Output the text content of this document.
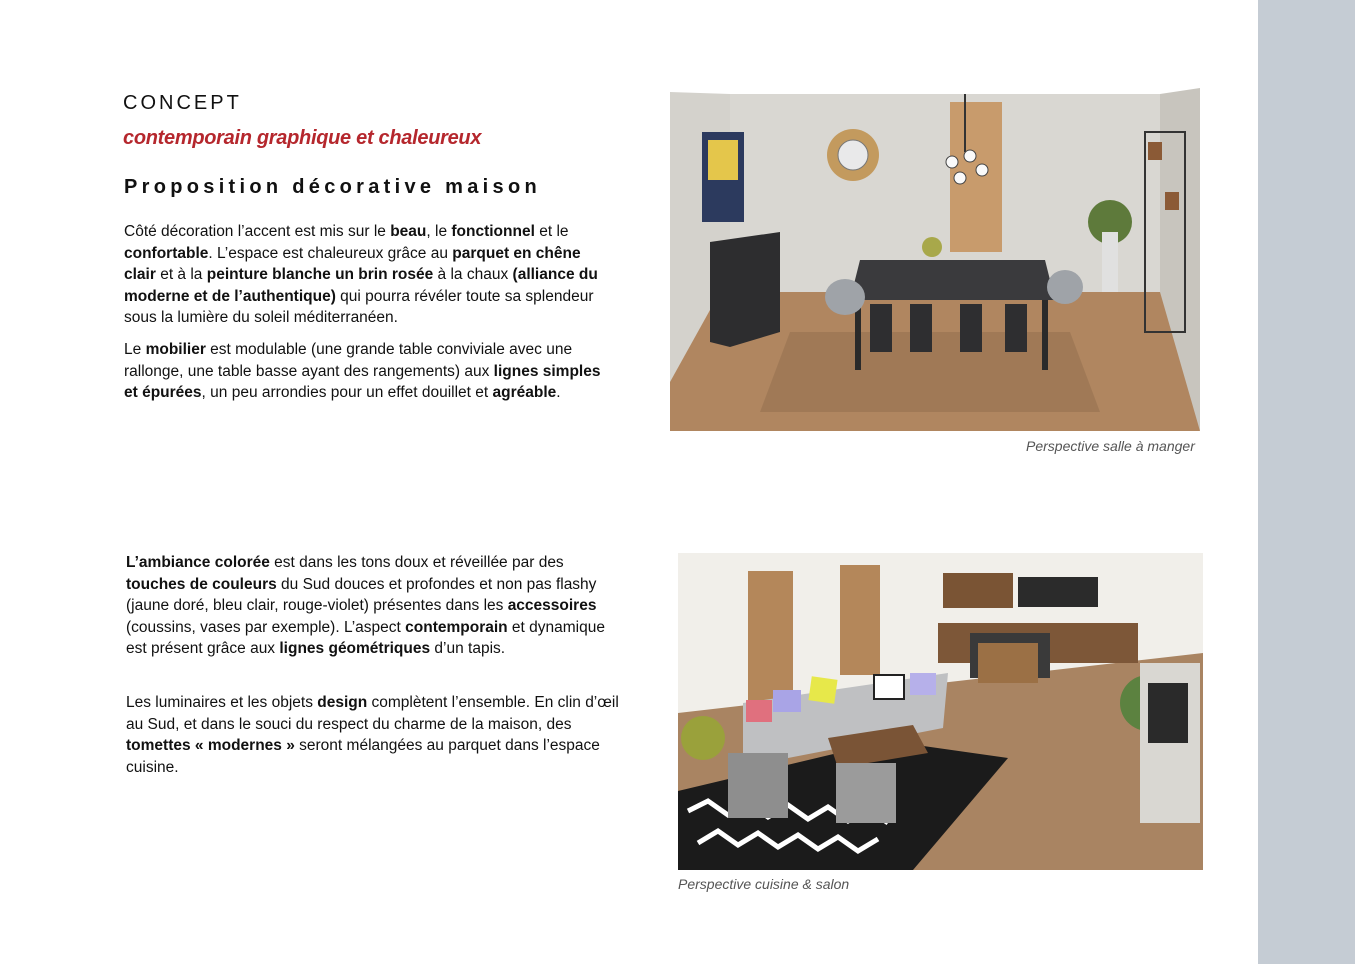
CONCEPT
contemporain graphique et chaleureux
Proposition décorative maison

Côté décoration l’accent est mis sur le beau, le fonctionnel et le confortable. L’espace est chaleureux grâce au parquet en chêne clair et à la peinture blanche un brin rosée à la chaux (alliance du moderne et de l’authentique) qui pourra révéler toute sa splendeur sous la lumière du soleil méditerranéen.

Le mobilier est modulable (une grande table conviviale avec une rallonge, une table basse ayant des rangements) aux lignes simples et épurées, un peu arrondies pour un effet douillet et agréable.

L’ambiance colorée est dans les tons doux et réveillée par des touches de couleurs du Sud douces et profondes et non pas flashy (jaune doré, bleu clair, rouge-violet) présentes dans les accessoires (coussins, vases par exemple). L’aspect contemporain et dynamique est présent grâce aux lignes géométriques d’un tapis.

Les luminaires et les objets design complètent l’ensemble. En clin d’œil au Sud, et dans le souci du respect du charme de la maison, des tomettes « modernes » seront mélangées au parquet dans l’espace cuisine.

Perspective salle à manger
Perspective cuisine & salon
